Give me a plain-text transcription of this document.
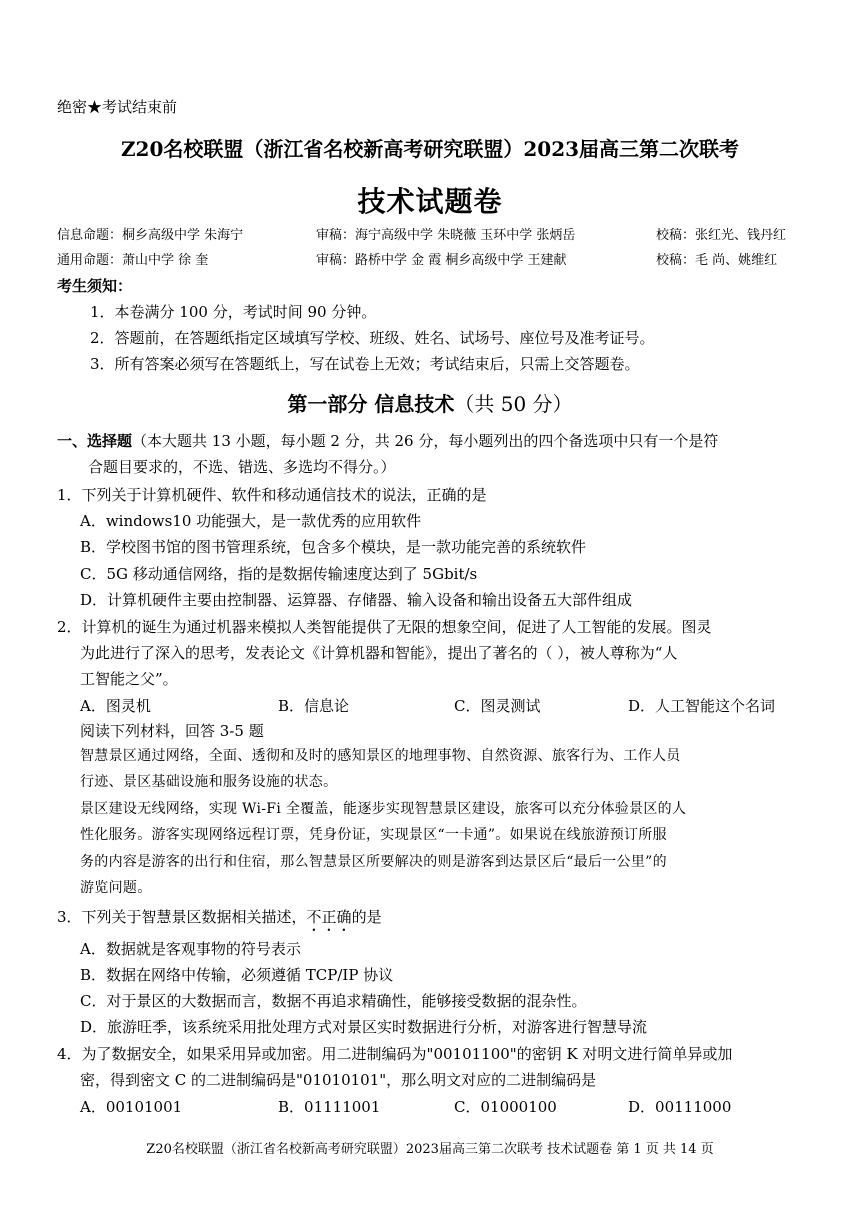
绝密★考试结束前
Z20名校联盟（浙江省名校新高考研究联盟）2023届高三第二次联考
技术试题卷
信息命题：桐乡高级中学 朱海宁	审稿：海宁高级中学 朱晓薇 玉环中学 张炳岳	校稿：张红光、钱丹红
通用命题：萧山中学 徐 奎	审稿：路桥中学 金 霞 桐乡高级中学 王建献	校稿：毛 尚、姚维红
考生须知：
1．本卷满分 100 分，考试时间 90 分钟。
2．答题前，在答题纸指定区域填写学校、班级、姓名、试场号、座位号及准考证号。
3．所有答案必须写在答题纸上，写在试卷上无效；考试结束后，只需上交答题卷。
第一部分 信息技术（共 50 分）
一、选择题（本大题共 13 小题，每小题 2 分，共 26 分，每小题列出的四个备选项中只有一个是符
合题目要求的，不选、错选、多选均不得分。）
1．下列关于计算机硬件、软件和移动通信技术的说法，正确的是
A．windows10 功能强大，是一款优秀的应用软件
B．学校图书馆的图书管理系统，包含多个模块，是一款功能完善的系统软件
C．5G 移动通信网络，指的是数据传输速度达到了 5Gbit/s
D．计算机硬件主要由控制器、运算器、存储器、输入设备和输出设备五大部件组成
2．计算机的诞生为通过机器来模拟人类智能提供了无限的想象空间，促进了人工智能的发展。图灵
为此进行了深入的思考，发表论文《计算机器和智能》，提出了著名的（ ），被人尊称为“人
工智能之父”。
A．图灵机	B．信息论	C．图灵测试	D．人工智能这个名词
阅读下列材料，回答 3-5 题
智慧景区通过网络，全面、透彻和及时的感知景区的地理事物、自然资源、旅客行为、工作人员
行迹、景区基础设施和服务设施的状态。
景区建设无线网络，实现 Wi-Fi 全覆盖，能逐步实现智慧景区建设，旅客可以充分体验景区的人
性化服务。游客实现网络远程订票，凭身份证，实现景区“一卡通”。如果说在线旅游预订所服
务的内容是游客的出行和住宿，那么智慧景区所要解决的则是游客到达景区后“最后一公里”的
游览问题。
3．下列关于智慧景区数据相关描述，不正确的是
A．数据就是客观事物的符号表示
B．数据在网络中传输，必须遵循 TCP/IP 协议
C．对于景区的大数据而言，数据不再追求精确性，能够接受数据的混杂性。
D．旅游旺季，该系统采用批处理方式对景区实时数据进行分析，对游客进行智慧导流
4．为了数据安全，如果采用异或加密。用二进制编码为"00101100"的密钥 K 对明文进行简单异或加
密，得到密文 C 的二进制编码是"01010101"，那么明文对应的二进制编码是
A．00101001	B．01111001	C．01000100	D．00111000
Z20名校联盟（浙江省名校新高考研究联盟）2023届高三第二次联考 技术试题卷 第 1 页 共 14 页
